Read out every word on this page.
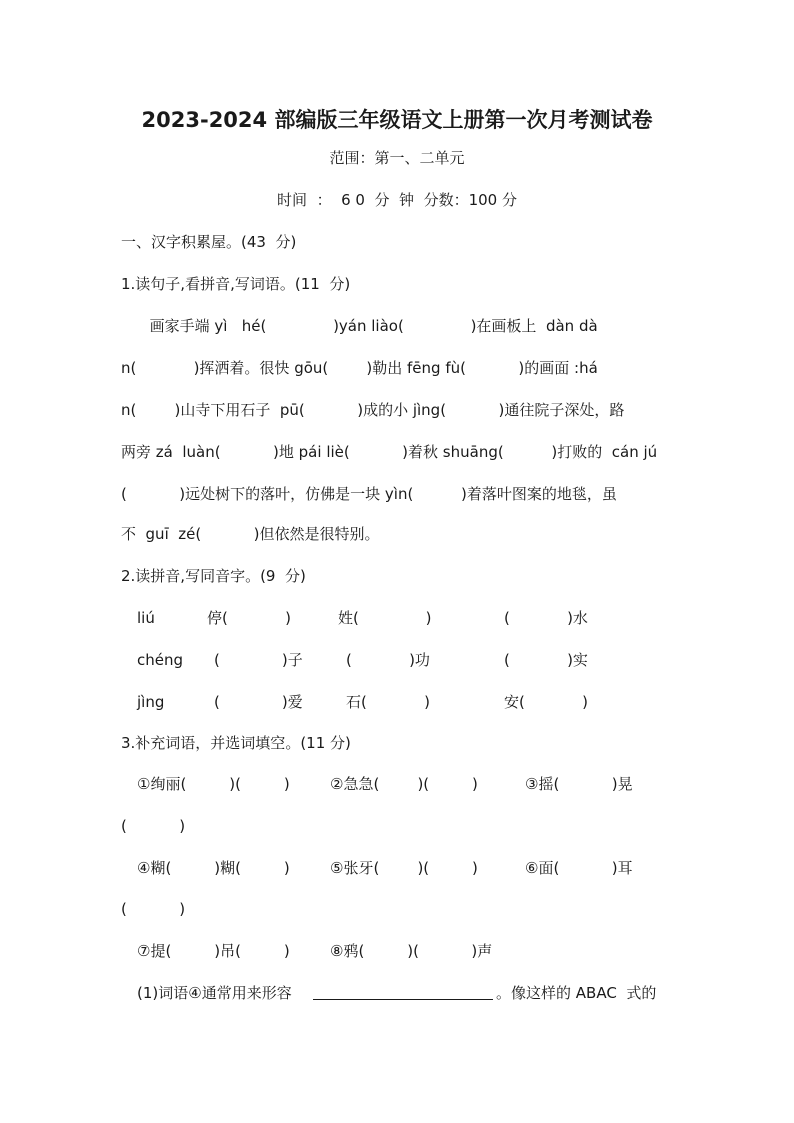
2023-2024 部编版三年级语文上册第一次月考测试卷
范围：第一、二单元
时间  ：  6 0  分  钟  分数：100 分
一、汉字积累屋。(43  分)
1.读句子,看拼音,写词语。(11  分)
画家手端 yì   hé(              )yán liào(              )在画板上  dàn dà
n(            )挥洒着。很快 gōu(        )勒出 fēng fù(           )的画面 :há
n(        )山寺下用石子  pū(           )成的小 jìng(           )通往院子深处，路
两旁 zá  luàn(           )地 pái liè(           )着秋 shuāng(          )打败的  cán jú
(           )远处树下的落叶，仿佛是一块 yìn(          )着落叶图案的地毯，虽
不  guī  zé(           )但依然是很特别。
2.读拼音,写同音字。(9  分)
liú	停(            )	姓(              )	(            )水
chéng (             )子	(            )功	(            )实
jìng	(             )爱	石(            )	安(            )
3.补充词语，并选词填空。(11 分)
①绚丽(         )(         )	②急急(        )(         )	③摇(           )晃
(           )
④糊(         )糊(         )	⑤张牙(        )(         )	⑥面(           )耳
(           )
⑦提(         )吊(         )	⑧鸦(         )(           )声
(1)词语④通常用来形容	。像这样的 ABAC  式的
